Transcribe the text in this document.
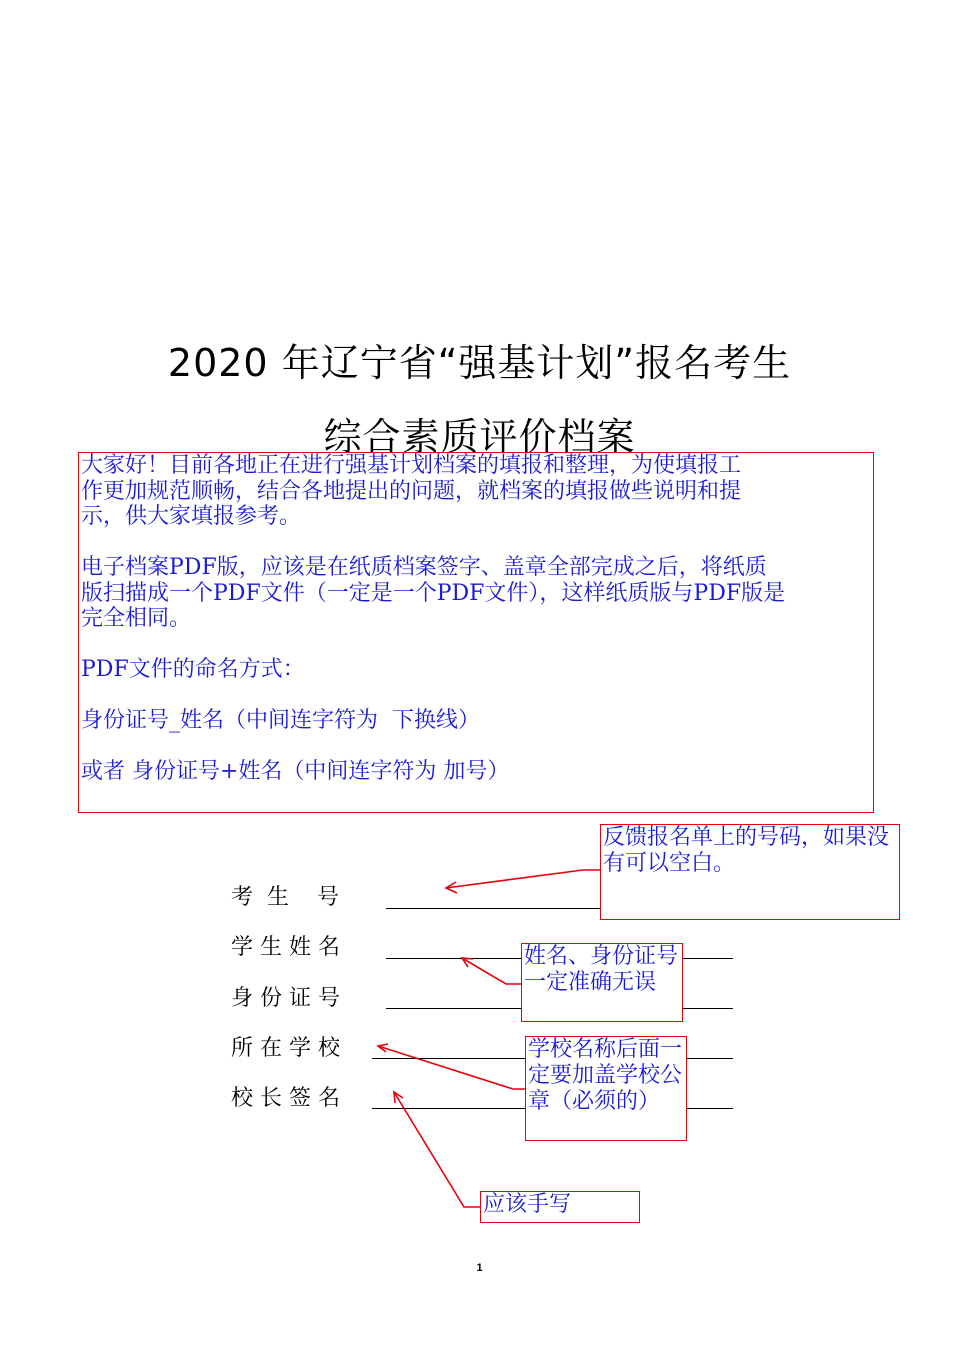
2020 年辽宁省“强基计划”报名考生
综合素质评价档案

大家好！目前各地正在进行强基计划档案的填报和整理，为使填报工

作更加规范顺畅，结合各地提出的问题，就档案的填报做些说明和提

示，供大家填报参考。

电子档案PDF版，应该是在纸质档案签字、盖章全部完成之后，将纸质

版扫描成一个PDF文件（一定是一个PDF文件），这样纸质版与PDF版是

完全相同。

PDF文件的命名方式：

身份证号_姓名（中间连字符为  下换线）

或者 身份证号+姓名（中间连字符为 加号）

考  生    号
学 生 姓 名
身 份 证 号
所 在 学 校
校 长 签 名
反馈报名单上的号码，如果没有可以空白。
姓名、身份证号一定准确无误
学校名称后面一定要加盖学校公章（必须的）
应该手写
1
